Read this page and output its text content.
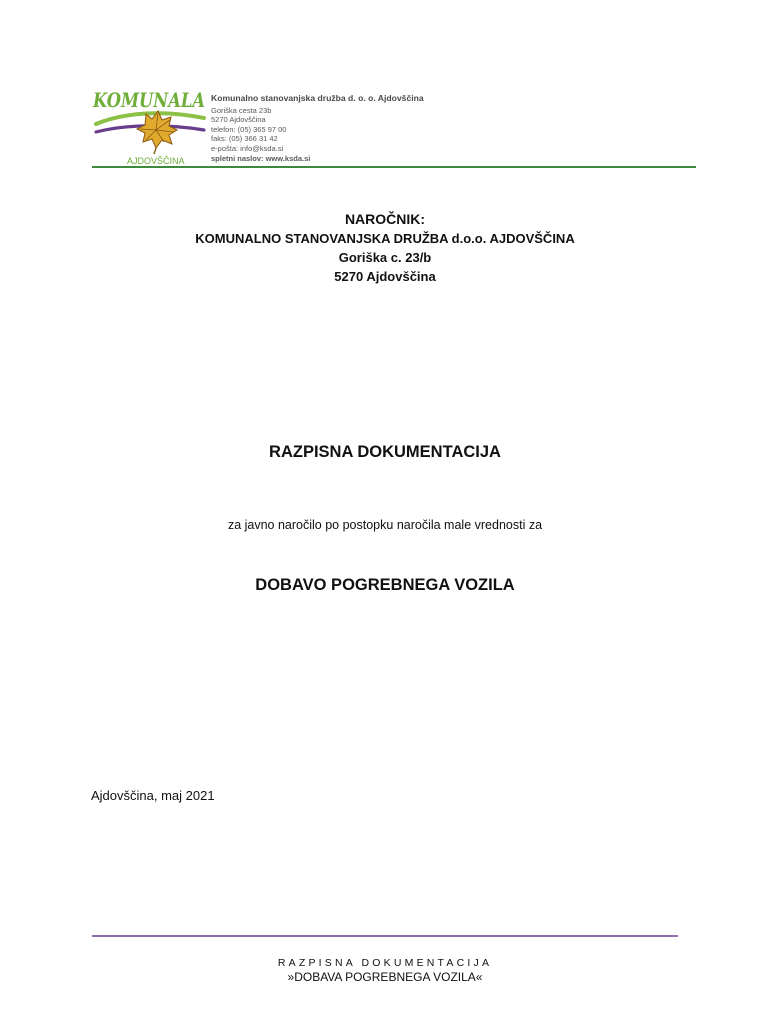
KOMUNALA
AJDOVŠČINA
Komunalno stanovanjska družba d. o. o. Ajdovščina
Goriška cesta 23b
5270 Ajdovščina
telefon: (05) 365 97 00
faks: (05) 366 31 42
e-pošta: info@ksda.si
spletni naslov: www.ksda.si
NAROČNIK:
KOMUNALNO STANOVANJSKA DRUŽBA d.o.o. AJDOVŠČINA
Goriška c. 23/b
5270 Ajdovščina
RAZPISNA DOKUMENTACIJA
za javno naročilo po postopku naročila male vrednosti za
DOBAVO POGREBNEGA VOZILA
Ajdovščina, maj 2021
RAZPISNA DOKUMENTACIJA
»DOBAVA POGREBNEGA VOZILA«
